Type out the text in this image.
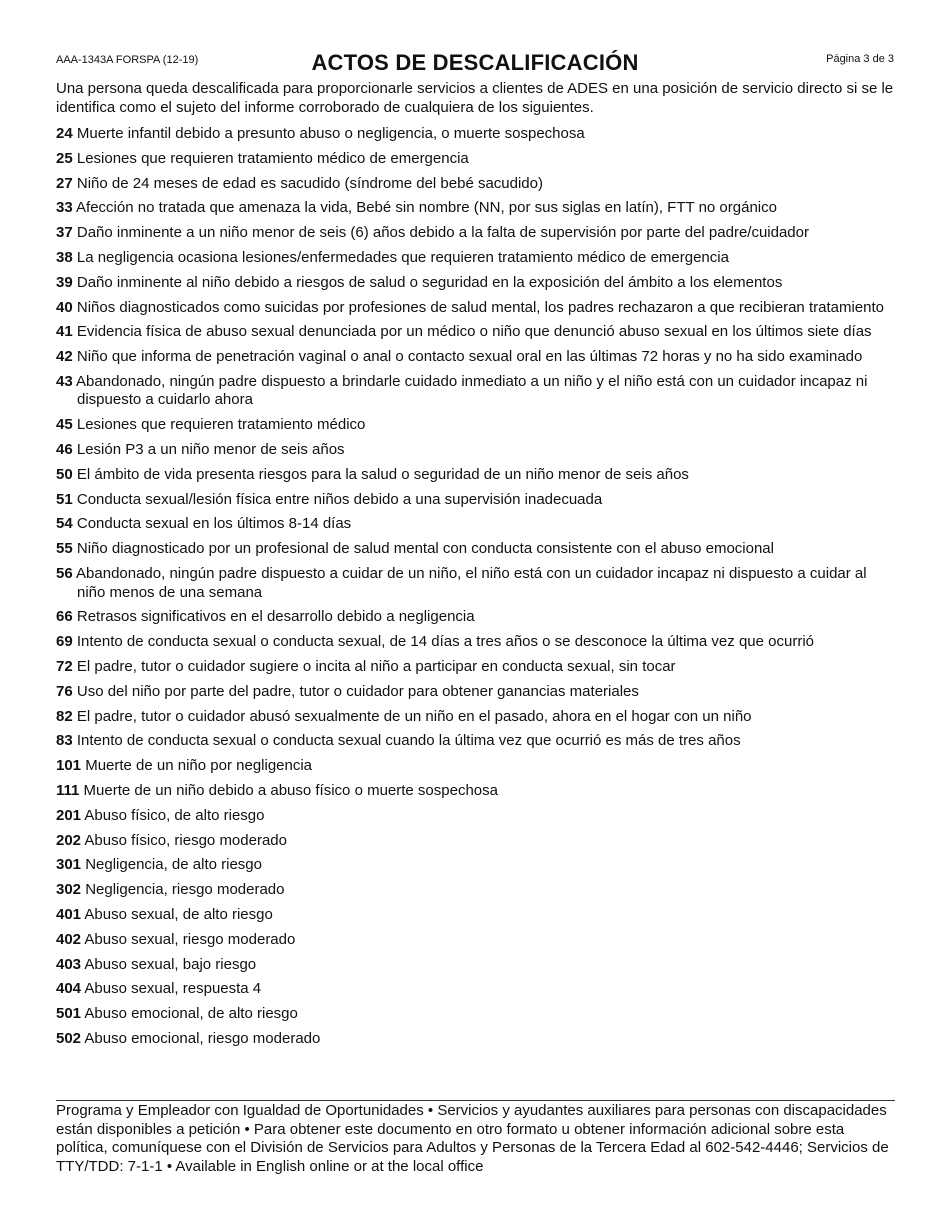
AAA-1343A FORSPA (12-19)	ACTOS DE DESCALIFICACIÓN	Página 3 de 3

Una persona queda descalificada para proporcionarle servicios a clientes de ADES en una posición de servicio directo si se le identifica como el sujeto del informe corroborado de cualquiera de los siguientes.

24 Muerte infantil debido a presunto abuso o negligencia, o muerte sospechosa
25 Lesiones que requieren tratamiento médico de emergencia
27 Niño de 24 meses de edad es sacudido (síndrome del bebé sacudido)
33 Afección no tratada que amenaza la vida, Bebé sin nombre (NN, por sus siglas en latín), FTT no orgánico
37 Daño inminente a un niño menor de seis (6) años debido a la falta de supervisión por parte del padre/cuidador
38 La negligencia ocasiona lesiones/enfermedades que requieren tratamiento médico de emergencia
39 Daño inminente al niño debido a riesgos de salud o seguridad en la exposición del ámbito a los elementos
40 Niños diagnosticados como suicidas por profesiones de salud mental, los padres rechazaron a que recibieran tratamiento
41 Evidencia física de abuso sexual denunciada por un médico o niño que denunció abuso sexual en los últimos siete días
42 Niño que informa de penetración vaginal o anal o contacto sexual oral en las últimas 72 horas y no ha sido examinado
43 Abandonado, ningún padre dispuesto a brindarle cuidado inmediato a un niño y el niño está con un cuidador incapaz ni dispuesto a cuidarlo ahora
45 Lesiones que requieren tratamiento médico
46 Lesión P3 a un niño menor de seis años
50 El ámbito de vida presenta riesgos para la salud o seguridad de un niño menor de seis años
51 Conducta sexual/lesión física entre niños debido a una supervisión inadecuada
54 Conducta sexual en los últimos 8-14 días
55 Niño diagnosticado por un profesional de salud mental con conducta consistente con el abuso emocional
56 Abandonado, ningún padre dispuesto a cuidar de un niño, el niño está con un cuidador incapaz ni dispuesto a cuidar al niño menos de una semana
66 Retrasos significativos en el desarrollo debido a negligencia
69 Intento de conducta sexual o conducta sexual, de 14 días a tres años o se desconoce la última vez que ocurrió
72 El padre, tutor o cuidador sugiere o incita al niño a participar en conducta sexual, sin tocar
76 Uso del niño por parte del padre, tutor o cuidador para obtener ganancias materiales
82 El padre, tutor o cuidador abusó sexualmente de un niño en el pasado, ahora en el hogar con un niño
83 Intento de conducta sexual o conducta sexual cuando la última vez que ocurrió es más de tres años
101 Muerte de un niño por negligencia
111 Muerte de un niño debido a abuso físico o muerte sospechosa
201 Abuso físico, de alto riesgo
202 Abuso físico, riesgo moderado
301 Negligencia, de alto riesgo
302 Negligencia, riesgo moderado
401 Abuso sexual, de alto riesgo
402 Abuso sexual, riesgo moderado
403 Abuso sexual, bajo riesgo
404 Abuso sexual, respuesta 4
501 Abuso emocional, de alto riesgo
502 Abuso emocional, riesgo moderado

Programa y Empleador con Igualdad de Oportunidades • Servicios y ayudantes auxiliares para personas con discapacidades están disponibles a petición • Para obtener este documento en otro formato u obtener información adicional sobre esta política, comuníquese con el División de Servicios para Adultos y Personas de la Tercera Edad al 602-542-4446; Servicios de TTY/TDD: 7-1-1 • Available in English online or at the local office
